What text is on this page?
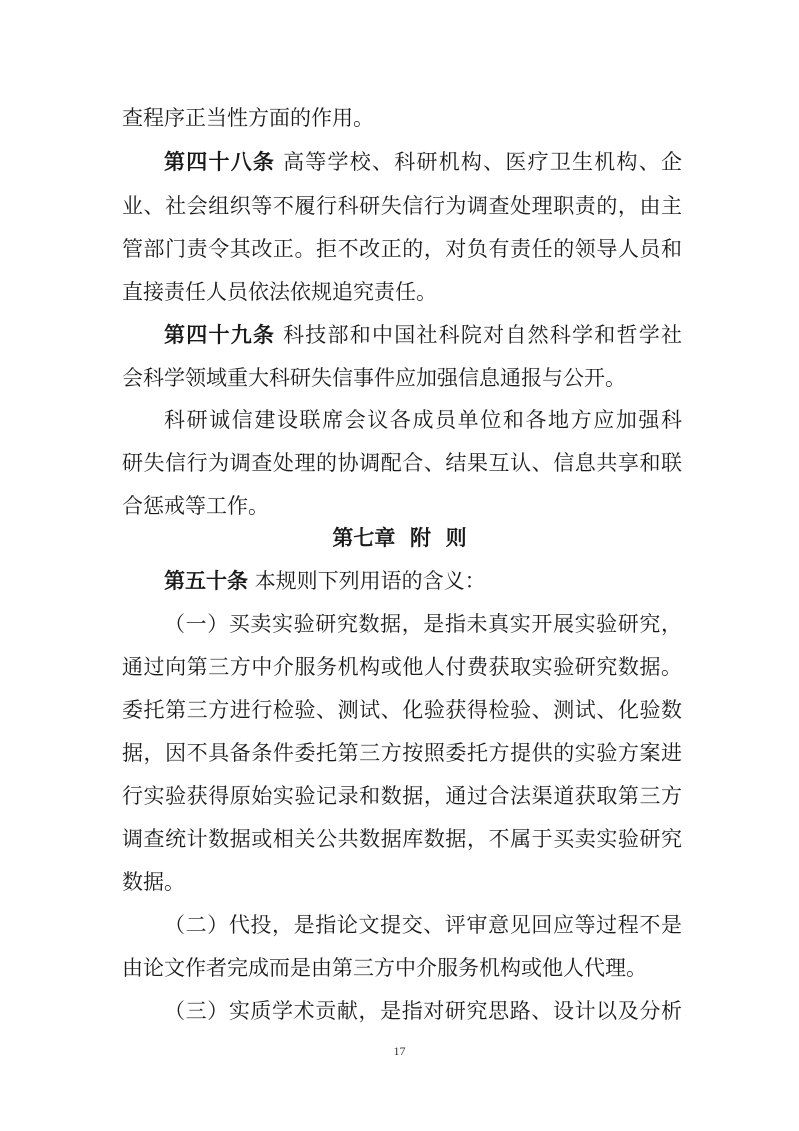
查程序正当性方面的作用。
第四十八条 高等学校、科研机构、医疗卫生机构、企
业、社会组织等不履行科研失信行为调查处理职责的，由主
管部门责令其改正。拒不改正的，对负有责任的领导人员和
直接责任人员依法依规追究责任。
第四十九条 科技部和中国社科院对自然科学和哲学社
会科学领域重大科研失信事件应加强信息通报与公开。
科研诚信建设联席会议各成员单位和各地方应加强科
研失信行为调查处理的协调配合、结果互认、信息共享和联
合惩戒等工作。
第七章  附  则
第五十条 本规则下列用语的含义：
（一）买卖实验研究数据，是指未真实开展实验研究，
通过向第三方中介服务机构或他人付费获取实验研究数据。
委托第三方进行检验、测试、化验获得检验、测试、化验数
据，因不具备条件委托第三方按照委托方提供的实验方案进
行实验获得原始实验记录和数据，通过合法渠道获取第三方
调查统计数据或相关公共数据库数据，不属于买卖实验研究
数据。
（二）代投，是指论文提交、评审意见回应等过程不是
由论文作者完成而是由第三方中介服务机构或他人代理。
（三）实质学术贡献，是指对研究思路、设计以及分析
17
